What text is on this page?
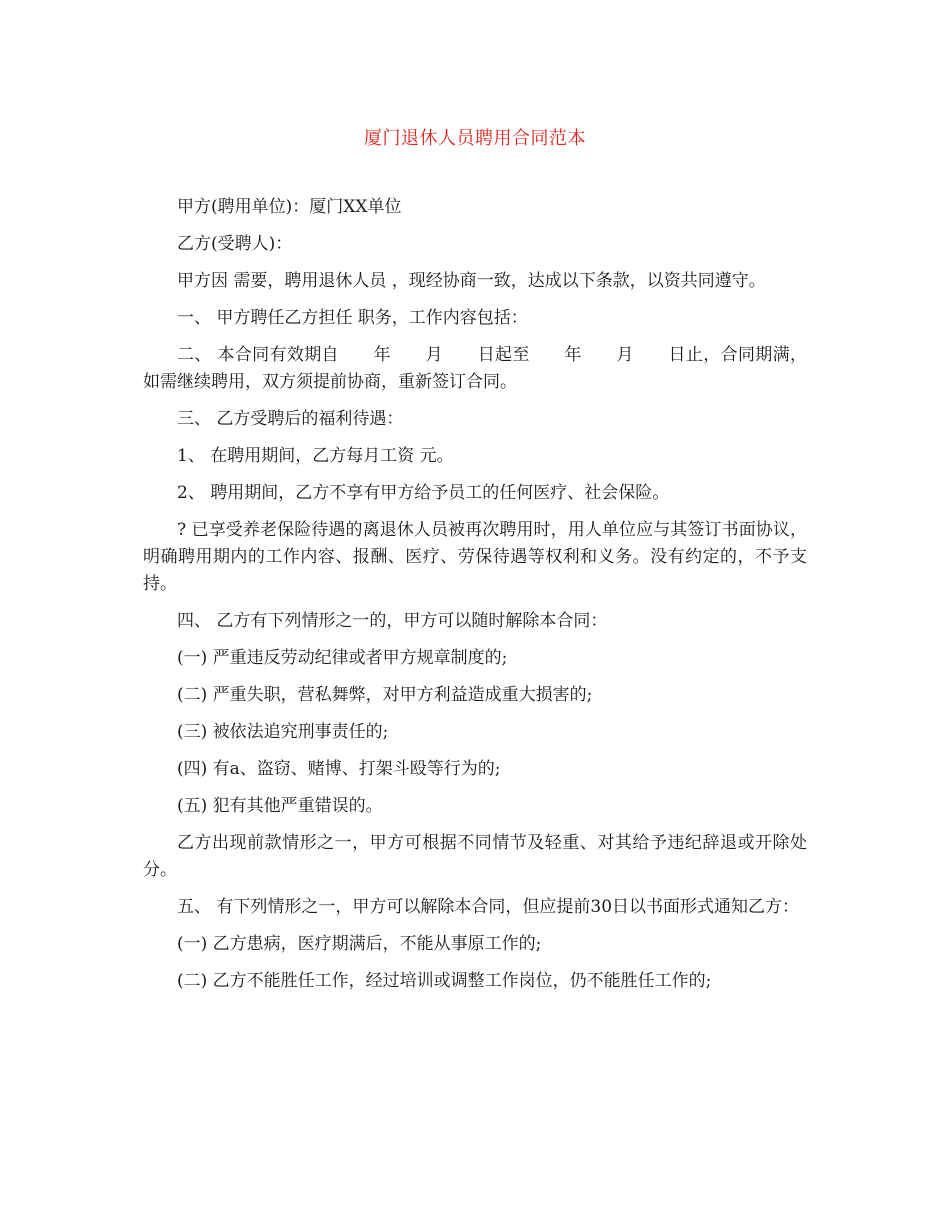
厦门退休人员聘用合同范本

甲方(聘用单位)：厦门XX单位

乙方(受聘人)：

甲方因 需要，聘用退休人员 ，现经协商一致，达成以下条款，以资共同遵守。

一、 甲方聘任乙方担任 职务，工作内容包括：

二、 本合同有效期自　　年　　月　　日起至　　年　　月　　日止，合同期满，如需继续聘用，双方须提前协商，重新签订合同。

三、 乙方受聘后的福利待遇：

1、 在聘用期间，乙方每月工资 元。

2、 聘用期间，乙方不享有甲方给予员工的任何医疗、社会保险。

? 已享受养老保险待遇的离退休人员被再次聘用时，用人单位应与其签订书面协议，明确聘用期内的工作内容、报酬、医疗、劳保待遇等权利和义务。没有约定的，不予支持。

四、 乙方有下列情形之一的，甲方可以随时解除本合同：

(一) 严重违反劳动纪律或者甲方规章制度的;

(二) 严重失职，营私舞弊，对甲方利益造成重大损害的;

(三) 被依法追究刑事责任的;

(四) 有a、盗窃、赌博、打架斗殴等行为的;

(五) 犯有其他严重错误的。

乙方出现前款情形之一，甲方可根据不同情节及轻重、对其给予违纪辞退或开除处分。

五、 有下列情形之一，甲方可以解除本合同，但应提前30日以书面形式通知乙方：

(一) 乙方患病，医疗期满后，不能从事原工作的;

(二) 乙方不能胜任工作，经过培训或调整工作岗位，仍不能胜任工作的;
